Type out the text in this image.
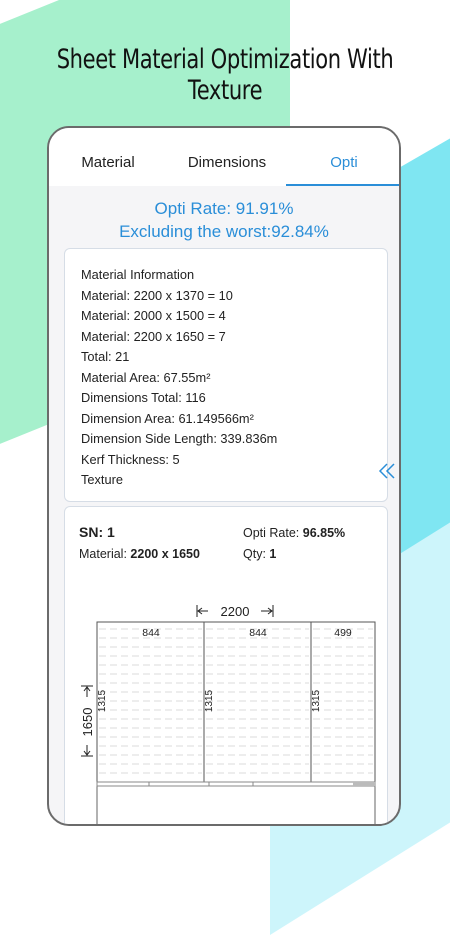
Sheet Material Optimization With Texture
Material	Dimensions	Opti
Opti Rate: 91.91%
Excluding the worst:92.84%
Material Information
Material: 2200 x 1370 = 10
Material: 2000 x 1500 = 4
Material: 2200 x 1650 = 7
Total: 21
Material Area: 67.55m²
Dimensions Total: 116
Dimension Area: 61.149566m²
Dimension Side Length: 339.836m
Kerf Thickness: 5
Texture
SN: 1	Opti Rate: 96.85%
Material: 2200 x 1650	Qty: 1
2200
1650
844
1315
844
1315
499
1315
